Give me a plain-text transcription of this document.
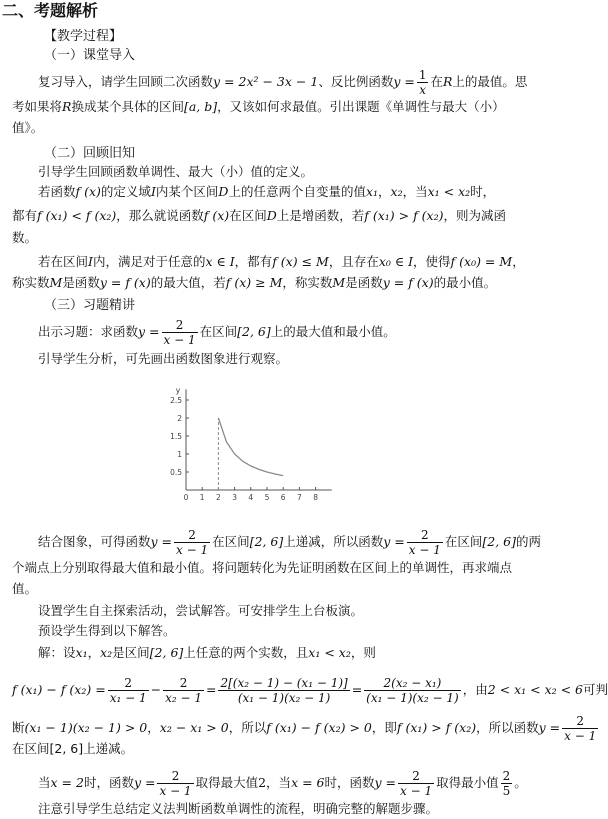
二、考题解析
【教学过程】
（一）课堂导入
复习导入，请学生回顾二次函数y = 2x² − 3x − 1、反比例函数$y = \frac{1}{x}$ 在R上的最值。思
考如果将R换成某个具体的区间[a, b]，又该如何求最值。引出课题《单调性与最大（小）
值》。
（二）回顾旧知
引导学生回顾函数单调性、最大（小）值的定义。
若函数f (x)的定义域I内某个区间D上的任意两个自变量的值x₁，x₂，当x₁ < x₂时，
都有f (x₁) < f (x₂)，那么就说函数f (x)在区间D上是增函数，若f (x₁) > f (x₂)，则为减函
数。
若在区间I内，满足对于任意的x ∈ I，都有f (x) ≤ M，且存在x₀ ∈ I，使得f (x₀) = M，
称实数M是函数y = f (x)的最大值，若f (x) ≥ M，称实数M是函数y = f (x)的最小值。
（三）习题精讲
出示习题：求函数$y = \frac{2}{x - 1}$ 在区间[2, 6]上的最大值和最小值。
引导学生分析，可先画出函数图象进行观察。
y
0 1 2 3 4 5 6 7 8
0.5
1
1.5
2
2.5
结合图象，可得函数$y = \frac{2}{x - 1}$ 在区间[2, 6]上递减，所以函数$y = \frac{2}{x - 1}$ 在区间[2, 6]的两
个端点上分别取得最大值和最小值。将问题转化为先证明函数在区间上的单调性，再求端点
值。
设置学生自主探索活动，尝试解答。可安排学生上台板演。
预设学生得到以下解答。
解：设x₁，x₂是区间[2, 6]上任意的两个实数，且x₁ < x₂，则
f (x₁) − f $(x_2) = \frac{2}{\text{x₁ − 1}} - \frac{2}{\text{x₂ − 1}} = \frac{\text{2[(x₂ − 1) − (x₁ − 1)]}}{\text{(x₁ − 1)(x₂ − 1)}} = \frac{\text{2(x₂ − x₁)}}{\text{(x₁ − 1)(x₂ − 1)}}$ ，由2 < x₁ < x₂ < 6可判
断(x₁ − 1)(x₂ − 1) > 0，x₂ − x₁ > 0，所以f (x₁) − f (x₂) > 0，即f (x₁) > f (x₂)，所以函数$y = \frac{2}{x - 1}$
在区间[2, 6]上递减。
当x = 2时，函数$y = \frac{2}{x - 1}$ 取得最大值2，当x = 6时，函数$y = \frac{2}{x - 1}$ 取得最小值 $\frac{2}{5}$ 。
注意引导学生总结定义法判断函数单调性的流程，明确完整的解题步骤。
